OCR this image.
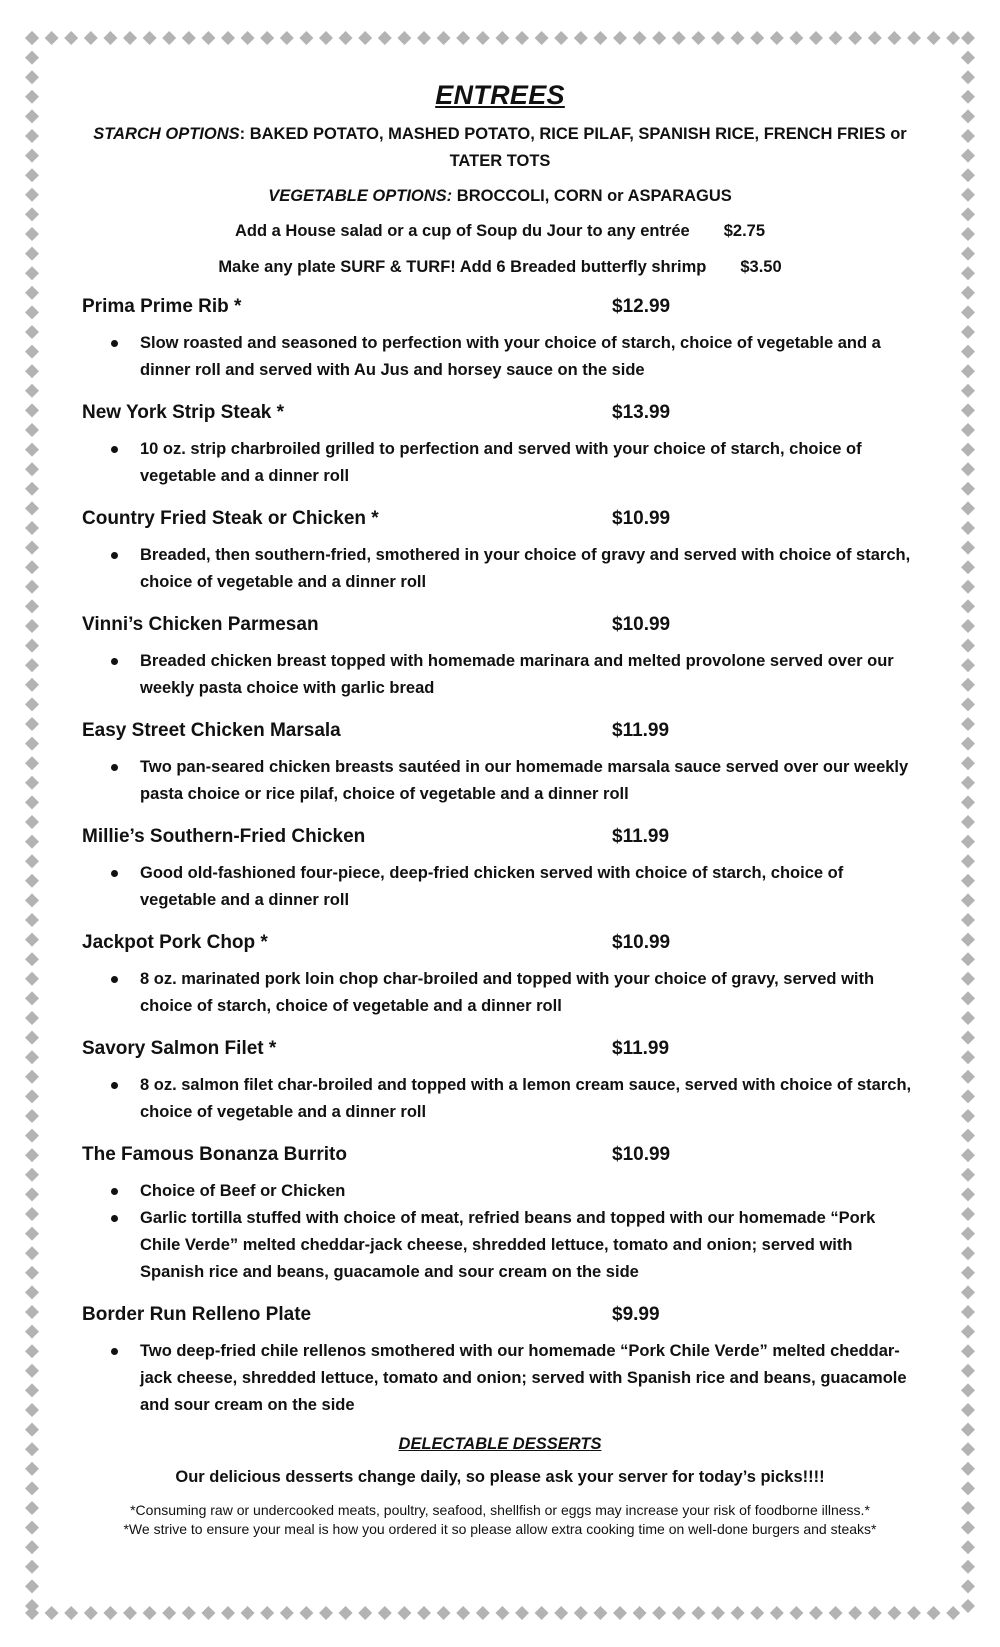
ENTREES

STARCH OPTIONS: BAKED POTATO, MASHED POTATO, RICE PILAF, SPANISH RICE, FRENCH FRIES or TATER TOTS

VEGETABLE OPTIONS: BROCCOLI, CORN or ASPARAGUS

Add a House salad or a cup of Soup du Jour to any entrée $2.75

Make any plate SURF & TURF! Add 6 Breaded butterfly shrimp $3.50

Prima Prime Rib *	$12.99
Slow roasted and seasoned to perfection with your choice of starch, choice of vegetable and a dinner roll and served with Au Jus and horsey sauce on the side
New York Strip Steak *	$13.99
10 oz. strip charbroiled grilled to perfection and served with your choice of starch, choice of vegetable and a dinner roll
Country Fried Steak or Chicken *	$10.99
Breaded, then southern-fried, smothered in your choice of gravy and served with choice of starch, choice of vegetable and a dinner roll
Vinni’s Chicken Parmesan	$10.99
Breaded chicken breast topped with homemade marinara and melted provolone served over our weekly pasta choice with garlic bread
Easy Street Chicken Marsala	$11.99
Two pan-seared chicken breasts sautéed in our homemade marsala sauce served over our weekly pasta choice or rice pilaf, choice of vegetable and a dinner roll
Millie’s Southern-Fried Chicken	$11.99
Good old-fashioned four-piece, deep-fried chicken served with choice of starch, choice of vegetable and a dinner roll
Jackpot Pork Chop *	$10.99
8 oz. marinated pork loin chop char-broiled and topped with your choice of gravy, served with choice of starch, choice of vegetable and a dinner roll
Savory Salmon Filet *	$11.99
8 oz. salmon filet char-broiled and topped with a lemon cream sauce, served with choice of starch, choice of vegetable and a dinner roll
The Famous Bonanza Burrito	$10.99
Choice of Beef or Chicken
Garlic tortilla stuffed with choice of meat, refried beans and topped with our homemade “Pork Chile Verde” melted cheddar-jack cheese, shredded lettuce, tomato and onion; served with Spanish rice and beans, guacamole and sour cream on the side
Border Run Relleno Plate	$9.99
Two deep-fried chile rellenos smothered with our homemade “Pork Chile Verde” melted cheddar-jack cheese, shredded lettuce, tomato and onion; served with Spanish rice and beans, guacamole and sour cream on the side
DELECTABLE DESSERTS

Our delicious desserts change daily, so please ask your server for today’s picks!!!!

*Consuming raw or undercooked meats, poultry, seafood, shellfish or eggs may increase your risk of foodborne illness.*

*We strive to ensure your meal is how you ordered it so please allow extra cooking time on well-done burgers and steaks*
